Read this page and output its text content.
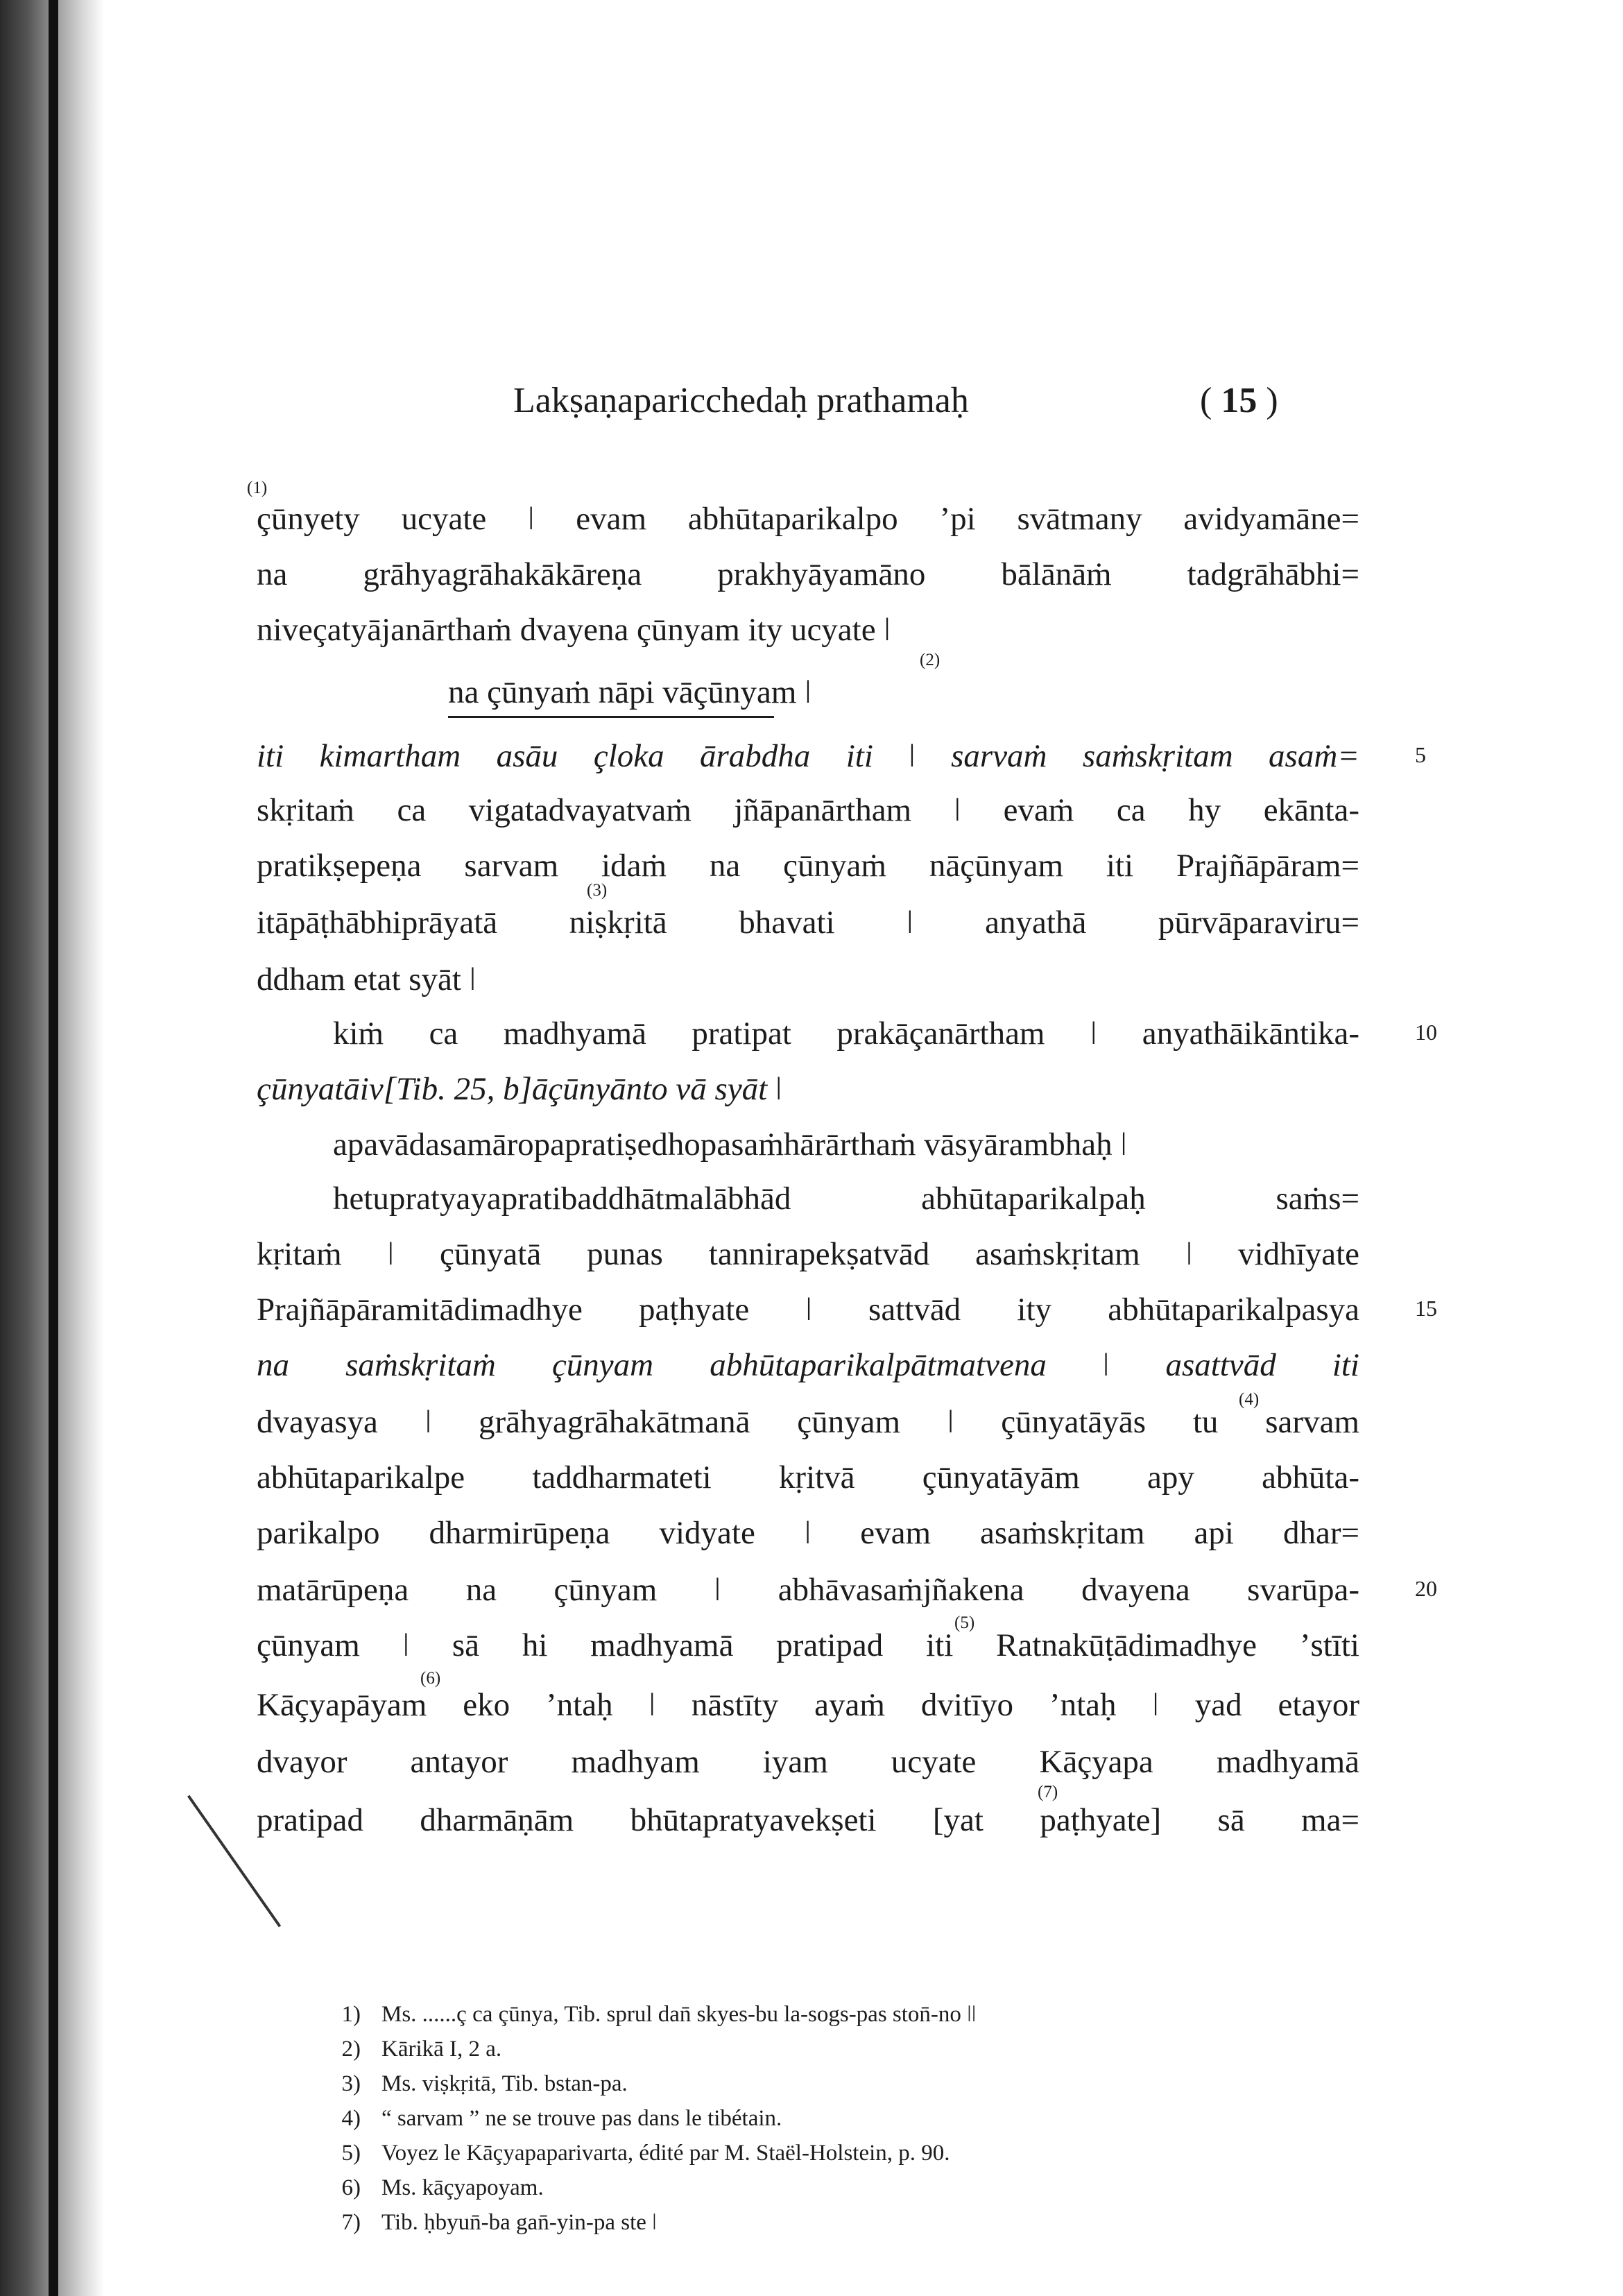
Lakṣaṇaparicchedaḥ prathamaḥ	( 15 )
çūnyety ucyate ǀ evam abhūtaparikalpo ʼpi svātmany avidyamāne=
na grāhyagrāhakākāreṇa prakhyāyamāno bālānāṁ tadgrāhābhi=
niveçatyājanārthaṁ dvayena çūnyam ity ucyate ǀ
na çūnyaṁ nāpi vāçūnyam ǀ
iti kimartham asāu çloka ārabdha iti ǀ sarvaṁ saṁskṛitam asaṁ=
skṛitaṁ ca vigatadvayatvaṁ jñāpanārtham ǀ evaṁ ca hy ekānta-
pratikṣepeṇa sarvam idaṁ na çūnyaṁ nāçūnyam iti Prajñāpāram=
itāpāṭhābhiprāyatā niṣkṛitā bhavati ǀ anyathā pūrvāparaviru=
ddham etat syāt ǀ
kiṁ ca madhyamā pratipat prakāçanārtham ǀ anyathāikāntika-
çūnyatāiv[Tib. 25, b]āçūnyānto vā syāt ǀ
apavādasamāropapratiṣedhopasaṁhārārthaṁ vāsyārambhaḥ ǀ
hetupratyayapratibaddhātmalābhād abhūtaparikalpaḥ saṁs=
kṛitaṁ ǀ çūnyatā punas tannirapekṣatvād asaṁskṛitam ǀ vidhīyate
Prajñāpāramitādimadhye paṭhyate ǀ sattvād ity abhūtaparikalpasya
na saṁskṛitaṁ çūnyam abhūtaparikalpātmatvena ǀ asattvād iti
dvayasya ǀ grāhyagrāhakātmanā çūnyam ǀ çūnyatāyās tu sarvam
abhūtaparikalpe taddharmateti kṛitvā çūnyatāyām apy abhūta-
parikalpo dharmirūpeṇa vidyate ǀ evam asaṁskṛitam api dhar=
matārūpeṇa na çūnyam ǀ abhāvasaṁjñakena dvayena svarūpa-
çūnyam ǀ sā hi madhyamā pratipad iti Ratnakūṭādimadhye ʼstīti
Kāçyapāyam eko ʼntaḥ ǀ nāstīty ayaṁ dvitīyo ʼntaḥ ǀ yad etayor
dvayor antayor madhyam iyam ucyate Kāçyapa madhyamā
pratipad dharmāṇām bhūtapratyavekṣeti [yat paṭhyate] sā ma=
(1)
(2)
(3)
(4)
(5)
(6)
(7)
5
10
15
20
1) Ms. ......ç ca çūnya, Tib. sprul dan̄ skyes-bu la-sogs-pas ston̄-no ǀǀ
2) Kārikā I, 2 a.
3) Ms. viṣkṛitā, Tib. bstan-pa.
4) “ sarvam ” ne se trouve pas dans le tibétain.
5) Voyez le Kāçyapaparivarta, édité par M. Staël-Holstein, p. 90.
6) Ms. kāçyapoyam.
7) Tib. ḥbyun̄-ba gan̄-yin-pa ste ǀ
